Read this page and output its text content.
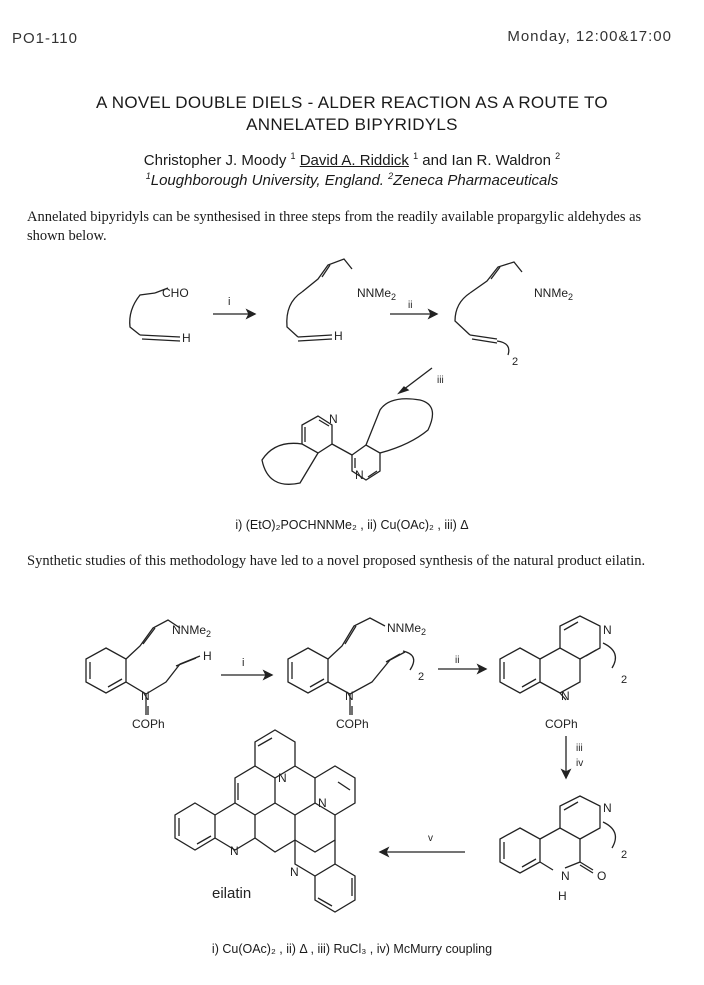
PO1-110	Monday, 12:00&17:00
A NOVEL DOUBLE DIELS - ALDER REACTION AS A ROUTE TO
ANNELATED BIPYRIDYLS
Christopher J. Moody $^1$ David A. Riddick $^1$ and Ian R. Waldron $^2$
$^1$Loughborough University, England. $^2$Zeneca Pharmaceuticals
Annelated bipyridyls can be synthesised in three steps from the readily available propargylic aldehydes as shown below.
CHO
H
i
H
NNMe$_2$
ii
NNMe$_2$
2
iii
N
N
i) (EtO)₂POCHNNMe₂ , ii) Cu(OAc)₂ , iii) Δ
Synthetic studies of this methodology have led to a novel proposed synthesis of the natural product eilatin.
NNMe$_2$
H
N
COPh
i
NNMe$_2$
2
N
COPh
ii
N
2
N
COPh
iii
iv
N
2
O
N
H
v
N
N
N
N
eilatin
i) Cu(OAc)₂ , ii) Δ , iii) RuCl₃ , iv) McMurry coupling
